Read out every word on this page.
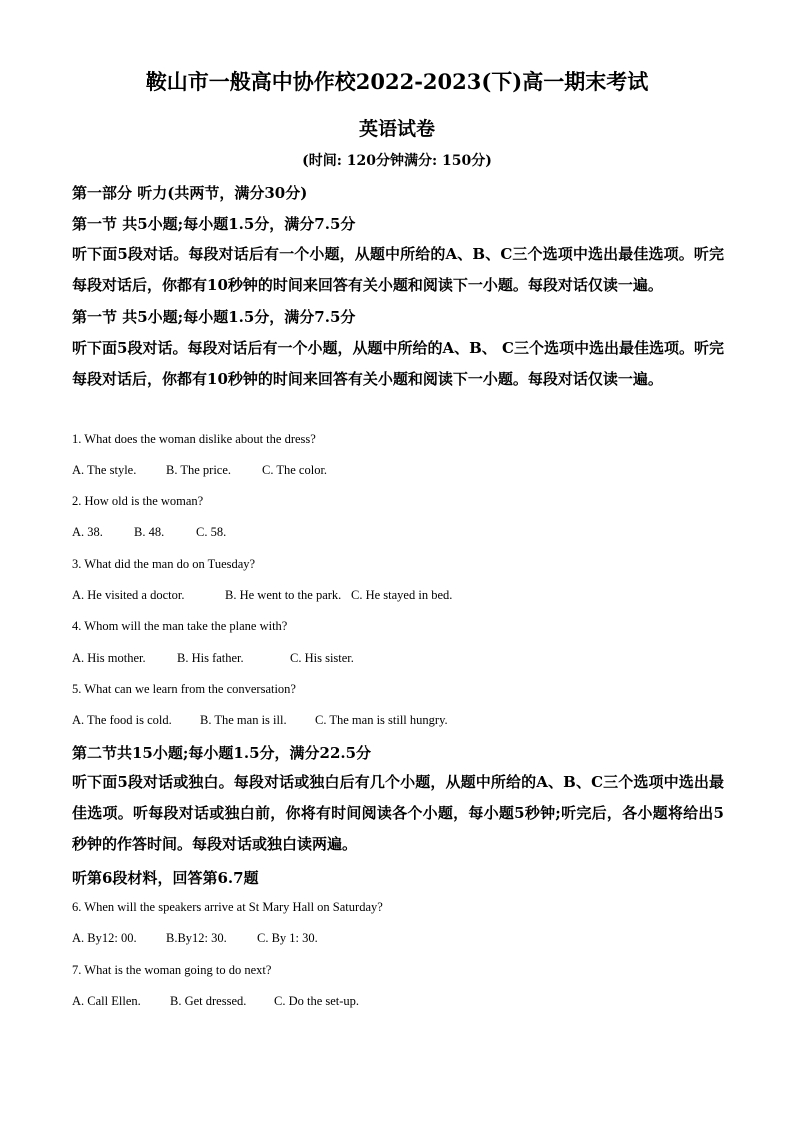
鞍山市一般高中协作校2022-2023(下)高一期末考试
英语试卷
(时间: 120分钟满分: 150分)
第一部分 听力(共两节，满分30分)
第一节 共5小题;每小题1.5分，满分7.5分
听下面5段对话。每段对话后有一个小题，从题中所给的A、B、C三个选项中选出最佳选项。听完每段对话后，你都有10秒钟的时间来回答有关小题和阅读下一小题。每段对话仅读一遍。
第一节 共5小题;每小题1.5分，满分7.5分
听下面5段对话。每段对话后有一个小题，从题中所给的A、B、 C三个选项中选出最佳选项。听完每段对话后，你都有10秒钟的时间来回答有关小题和阅读下一小题。每段对话仅读一遍。
1. What does the woman dislike about the dress?
A. The style. B. The price. C. The color.
2. How old is the woman?
A. 38. B. 48.	C. 58.
3. What did the man do on Tuesday?
A. He visited a doctor.	B. He went to the park. C. He stayed in bed.
4. Whom will the man take the plane with?
A. His mother.	B. His father.	C. His sister.
5. What can we learn from the conversation?
A. The food is cold. B. The man is ill. C. The man is still hungry.
第二节共15小题;每小题1.5分，满分22.5分
听下面5段对话或独白。每段对话或独白后有几个小题，从题中所给的A、B、C三个选项中选出最佳选项。听每段对话或独白前，你将有时间阅读各个小题，每小题5秒钟;听完后，各小题将给出5秒钟的作答时间。每段对话或独白读两遍。
听第6段材料，回答第6.7题
6. When will the speakers arrive at St Mary Hall on Saturday?
A. By12: 00. B.By12: 30. C. By 1: 30.
7. What is the woman going to do next?
A. Call Ellen. B. Get dressed. C. Do the set-up.
